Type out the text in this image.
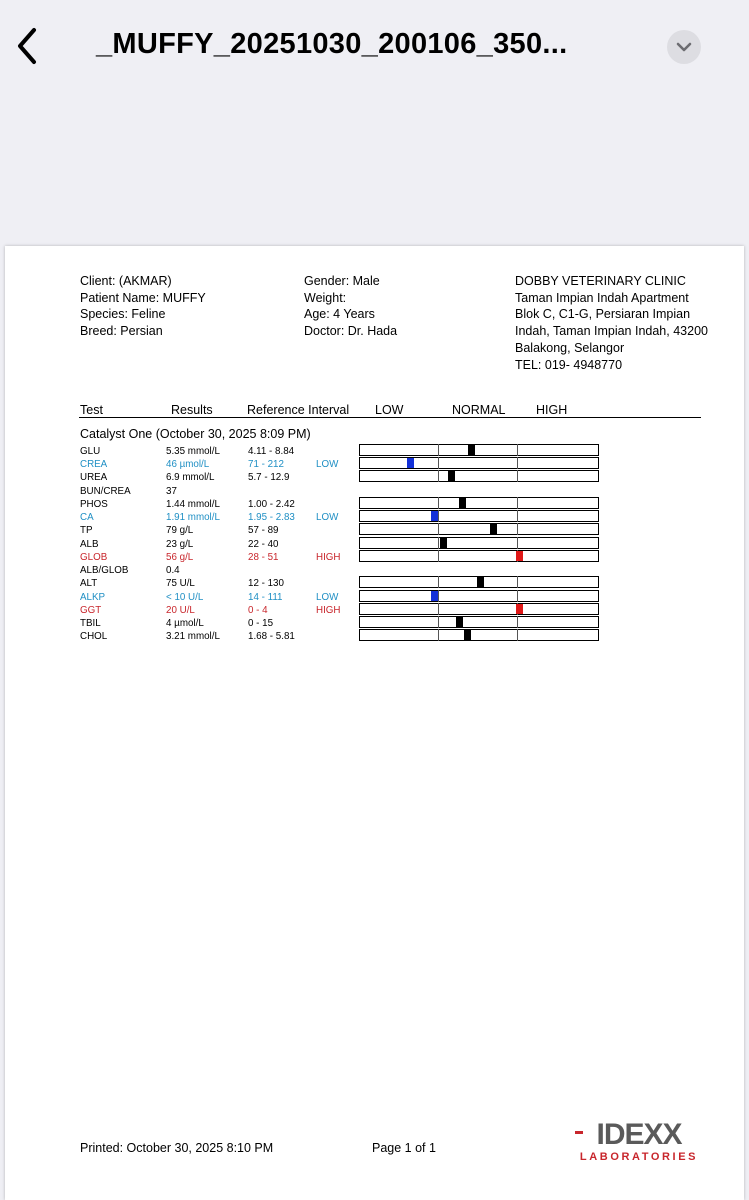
_MUFFY_20251030_200106_350...
Client: (AKMAR)
Patient Name: MUFFY
Species: Feline
Breed: Persian
Gender: Male
Weight:
Age: 4 Years
Doctor: Dr. Hada
DOBBY VETERINARY CLINIC
Taman Impian Indah Apartment
Blok C, C1-G, Persiaran Impian
Indah, Taman Impian Indah, 43200
Balakong, Selangor
TEL: 019- 4948770
Test	Results	Reference Interval LOW	NORMAL HIGH
Catalyst One (October 30, 2025 8:09 PM)
GLU	5.35 mmol/L	4.11 - 8.84
CREA	46 µmol/L	71 - 212	LOW
UREA	6.9 mmol/L	5.7 - 12.9
BUN/CREA	37
PHOS	1.44 mmol/L	1.00 - 2.42
CA	1.91 mmol/L	1.95 - 2.83 LOW
TP	79 g/L	57 - 89
ALB	23 g/L	22 - 40
GLOB	56 g/L	28 - 51	HIGH
ALB/GLOB	0.4
ALT	75 U/L	12 - 130
ALKP	< 10 U/L	14 - 111	LOW
GGT	20 U/L	0 - 4	HIGH
TBIL	4 µmol/L	0 - 15
CHOL	3.21 mmol/L	1.68 - 5.81
Printed: October 30, 2025 8:10 PM	Page 1 of 1	IDEXX
LABORATORIES
